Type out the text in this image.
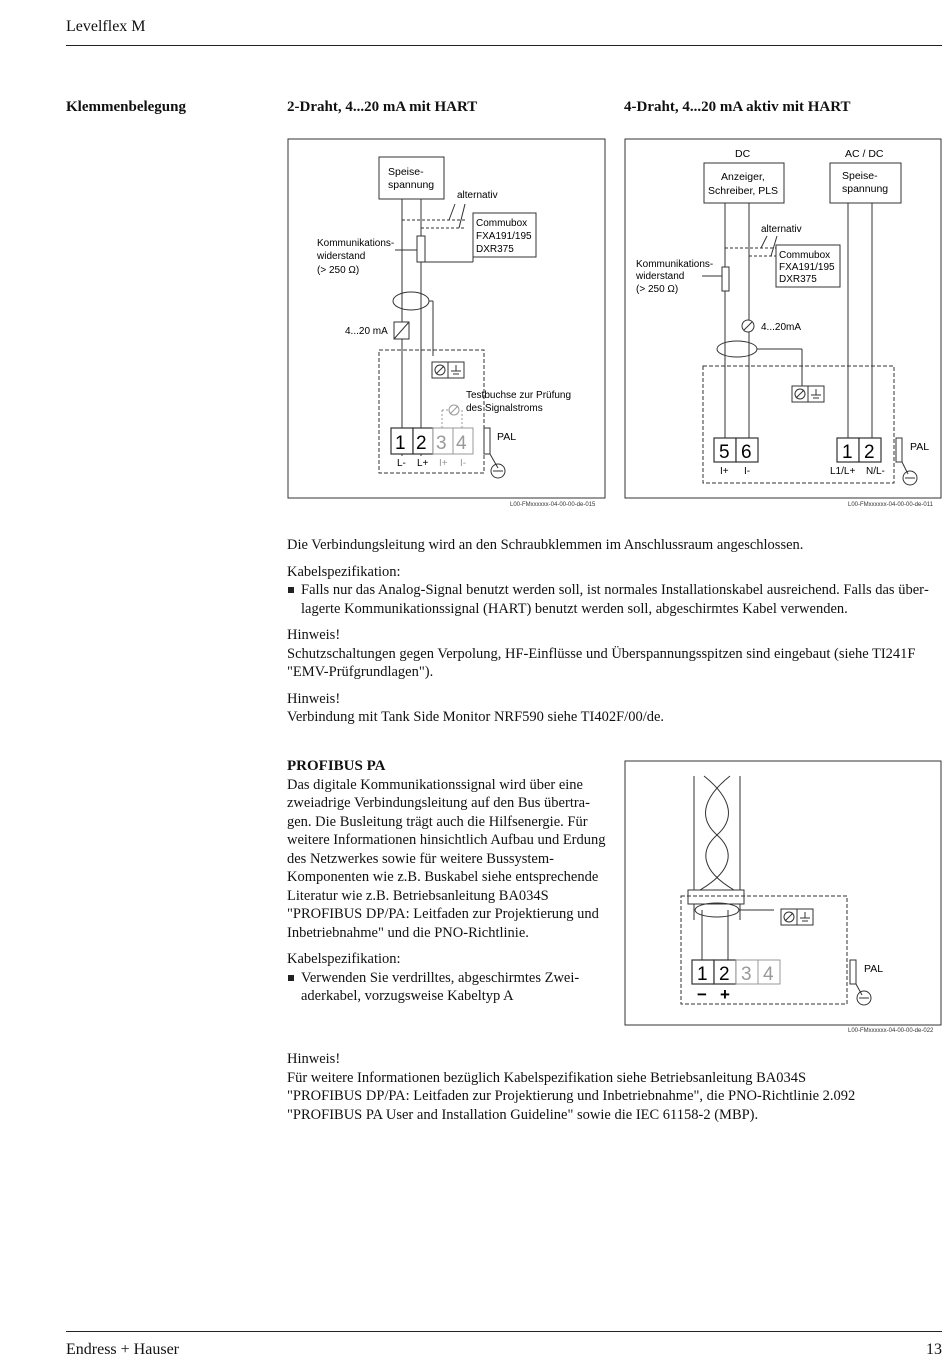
Levelflex M
Klemmenbelegung	2-Draht, 4...20 mA mit HART	4-Draht, 4...20 mA aktiv mit HART
Speise-
spannung
alternativ
Commubox
FXA191/195
DXR375
Kommunikations-
widerstand
(> 250 Ω)
4...20 mA
Testbuchse zur Prüfung
des Signalstroms
1 2 3 4
L- L+ I+ I-
PAL
L00-FMxxxxxx-04-00-00-de-015
DC	AC / DC
Anzeiger,
Schreiber, PLS
Speise-
spannung
alternativ
Commubox
FXA191/195
DXR375
Kommunikations-
widerstand
(> 250 Ω)
4...20mA
5 6
I+ I-
1 2
L1/L+ N/L-
PAL
L00-FMxxxxxx-04-00-00-de-011

Die Verbindungsleitung wird an den Schraubklemmen im Anschlussraum angeschlossen.

Kabelspezifikation:

Falls nur das Analog-Signal benutzt werden soll, ist normales Installationskabel ausreichend. Falls das überlagerte Kommunikationssignal (HART) benutzt werden soll, abgeschirmtes Kabel verwenden.

Hinweis!

Schutzschaltungen gegen Verpolung, HF-Einflüsse und Überspannungsspitzen sind eingebaut (siehe TI241F "EMV-Prüfgrundlagen").

Hinweis!

Verbindung mit Tank Side Monitor NRF590 siehe TI402F/00/de.

PROFIBUS PA

Das digitale Kommunikationssignal wird über eine zweiadrige Verbindungsleitung auf den Bus übertragen. Die Busleitung trägt auch die Hilfsenergie. Für weitere Informationen hinsichtlich Aufbau und Erdung des Netzwerkes sowie für weitere Bussystem-Komponenten wie z.B. Buskabel siehe entsprechende Literatur wie z.B. Betriebsanleitung BA034S "PROFIBUS DP/PA: Leitfaden zur Projektierung und Inbetriebnahme" und die PNO-Richtlinie.

Kabelspezifikation:

Verwenden Sie verdrilltes, abgeschirmtes Zweiaderkabel, vorzugsweise Kabeltyp A

1 2 3 4
− +
PAL
L00-FMxxxxxx-04-00-00-de-022
Hinweis!
Für weitere Informationen bezüglich Kabelspezifikation siehe Betriebsanleitung BA034S
"PROFIBUS DP/PA: Leitfaden zur Projektierung und Inbetriebnahme", die PNO-Richtlinie 2.092
"PROFIBUS PA User and Installation Guideline" sowie die IEC 61158-2 (MBP).
Endress + Hauser	13
